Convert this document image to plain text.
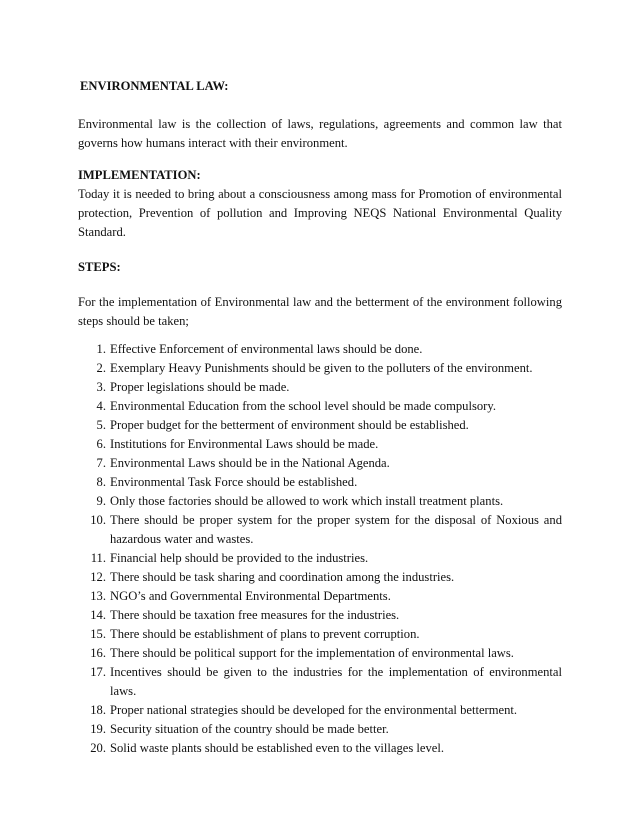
ENVIRONMENTAL LAW:

Environmental law is the collection of laws, regulations, agreements and common law that governs how humans interact with their environment.

IMPLEMENTATION:

Today it is needed to bring about a consciousness among mass for Promotion of environmental protection, Prevention of pollution and Improving NEQS National Environmental Quality Standard.

STEPS:

For the implementation of Environmental law and the betterment of the environment following steps should be taken;

1. Effective Enforcement of environmental laws should be done.
2. Exemplary Heavy Punishments should be given to the polluters of the environment.
3. Proper legislations should be made.
4. Environmental Education from the school level should be made compulsory.
5. Proper budget for the betterment of environment should be established.
6. Institutions for Environmental Laws should be made.
7. Environmental Laws should be in the National Agenda.
8. Environmental Task Force should be established.
9. Only those factories should be allowed to work which install treatment plants.
10. There should be proper system for the proper system for the disposal of Noxious and hazardous water and wastes.
11. Financial help should be provided to the industries.
12. There should be task sharing and coordination among the industries.
13. NGO’s and Governmental Environmental Departments.
14. There should be taxation free measures for the industries.
15. There should be establishment of plans to prevent corruption.
16. There should be political support for the implementation of environmental laws.
17. Incentives should be given to the industries for the implementation of environmental laws.
18. Proper national strategies should be developed for the environmental betterment.
19. Security situation of the country should be made better.
20. Solid waste plants should be established even to the villages level.
